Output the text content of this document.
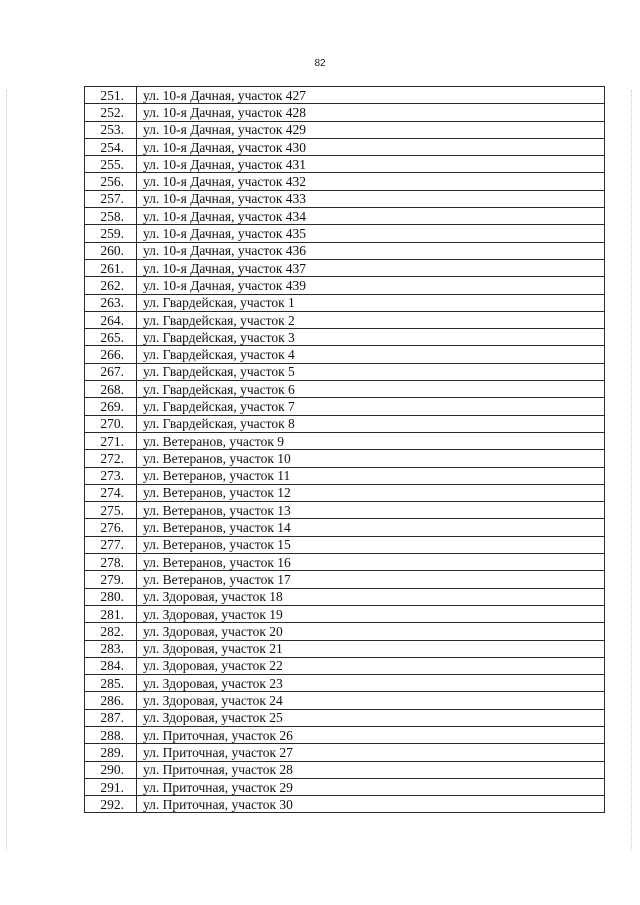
82
251.	ул. 10-я Дачная, участок 427
252.	ул. 10-я Дачная, участок 428
253.	ул. 10-я Дачная, участок 429
254.	ул. 10-я Дачная, участок 430
255.	ул. 10-я Дачная, участок 431
256.	ул. 10-я Дачная, участок 432
257.	ул. 10-я Дачная, участок 433
258.	ул. 10-я Дачная, участок 434
259.	ул. 10-я Дачная, участок 435
260.	ул. 10-я Дачная, участок 436
261.	ул. 10-я Дачная, участок 437
262.	ул. 10-я Дачная, участок 439
263.	ул. Гвардейская, участок 1
264.	ул. Гвардейская, участок 2
265.	ул. Гвардейская, участок 3
266.	ул. Гвардейская, участок 4
267.	ул. Гвардейская, участок 5
268.	ул. Гвардейская, участок 6
269.	ул. Гвардейская, участок 7
270.	ул. Гвардейская, участок 8
271.	ул. Ветеранов, участок 9
272.	ул. Ветеранов, участок 10
273.	ул. Ветеранов, участок 11
274.	ул. Ветеранов, участок 12
275.	ул. Ветеранов, участок 13
276.	ул. Ветеранов, участок 14
277.	ул. Ветеранов, участок 15
278.	ул. Ветеранов, участок 16
279.	ул. Ветеранов, участок 17
280.	ул. Здоровая, участок 18
281.	ул. Здоровая, участок 19
282.	ул. Здоровая, участок 20
283.	ул. Здоровая, участок 21
284.	ул. Здоровая, участок 22
285.	ул. Здоровая, участок 23
286.	ул. Здоровая, участок 24
287.	ул. Здоровая, участок 25
288.	ул. Приточная, участок 26
289.	ул. Приточная, участок 27
290.	ул. Приточная, участок 28
291.	ул. Приточная, участок 29
292.	ул. Приточная, участок 30
